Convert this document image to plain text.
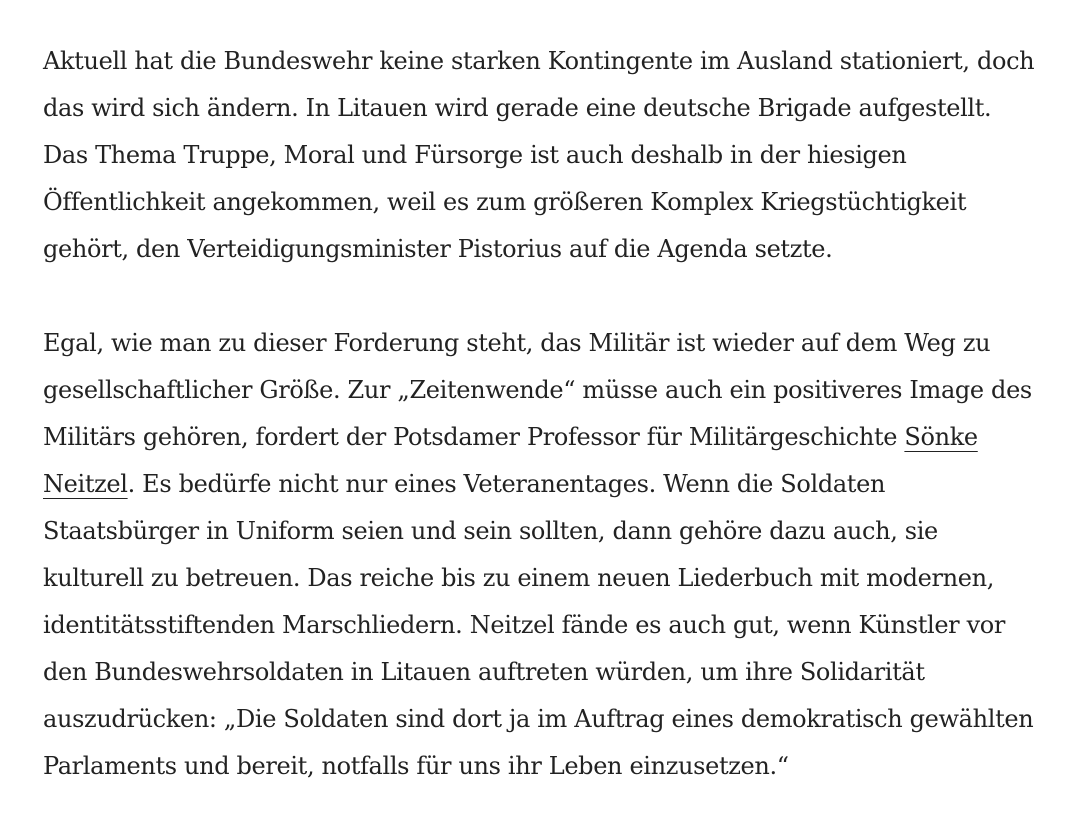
Aktuell hat die Bundeswehr keine starken Kontingente im Ausland stationiert, doch das wird sich ändern. In Litauen wird gerade eine deutsche Brigade aufgestellt. Das Thema Truppe, Moral und Fürsorge ist auch deshalb in der hiesigen Öffentlichkeit angekommen, weil es zum größeren Komplex Kriegstüchtigkeit gehört, den Verteidigungsminister Pistorius auf die Agenda setzte.

Egal, wie man zu dieser Forderung steht, das Militär ist wieder auf dem Weg zu gesellschaftlicher Größe. Zur „Zeitenwende“ müsse auch ein positiveres Image des Militärs gehören, fordert der Potsdamer Professor für Militärgeschichte Sönke Neitzel. Es bedürfe nicht nur eines Veteranentages. Wenn die Soldaten Staatsbürger in Uniform seien und sein sollten, dann gehöre dazu auch, sie kulturell zu betreuen. Das reiche bis zu einem neuen Liederbuch mit modernen, identitätsstiftenden Marschliedern. Neitzel fände es auch gut, wenn Künstler vor den Bundeswehrsoldaten in Litauen auftreten würden, um ihre Solidarität auszudrücken: „Die Soldaten sind dort ja im Auftrag eines demokratisch gewählten Parlaments und bereit, notfalls für uns ihr Leben einzusetzen.“
